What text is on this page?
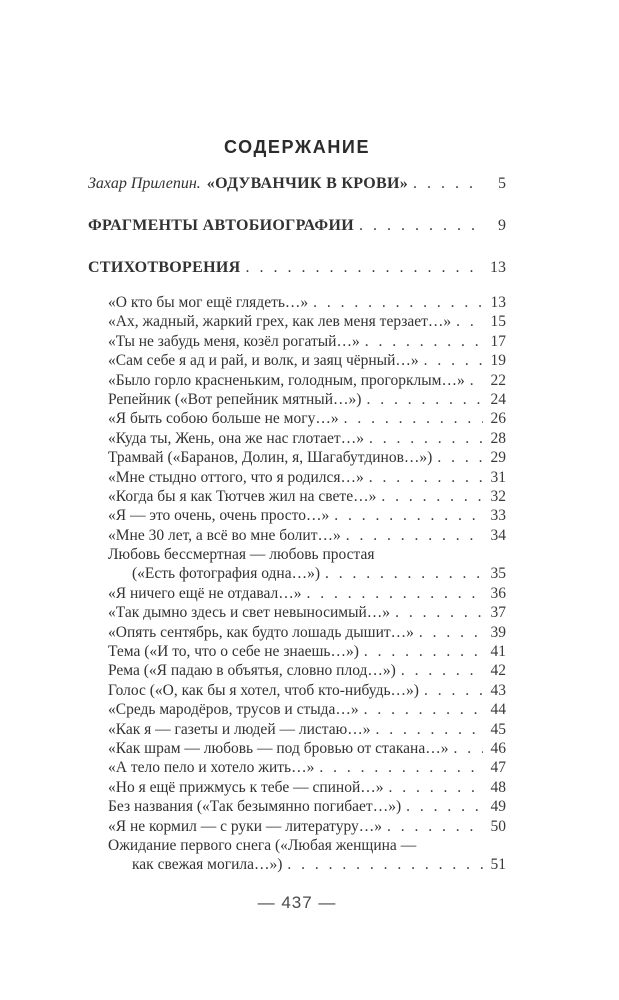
СОДЕРЖАНИЕ
Захар Прилепин. «ОДУВАНЧИК В КРОВИ» . . .	5
ФРАГМЕНТЫ АВТОБИОГРАФИИ . . .	9
СТИХОТВОРЕНИЯ . . .	13
«О кто бы мог ещё глядеть…» . . .	13
«Ах, жадный, жаркий грех, как лев меня терзает…» . . .	15
«Ты не забудь меня, козёл рогатый…» . . .	17
«Сам себе я ад и рай, и волк, и заяц чёрный…» . . .	19
«Было горло красненьким, голодным, прогорклым…» . . . 22
Репейник («Вот репейник мятный…») . . .	24
«Я быть собою больше не могу…» . . .	26
«Куда ты, Жень, она же нас глотает…» . . .	28
Трамвай («Баранов, Долин, я, Шагабутдинов…») . . .	29
«Мне стыдно оттого, что я родился…» . . .	31
«Когда бы я как Тютчев жил на свете…» . . .	32
«Я — это очень, очень просто…» . . .	33
«Мне 30 лет, а всё во мне болит…» . . .	34
Любовь бессмертная — любовь простая
(«Есть фотография одна…») . . .	35
«Я ничего ещё не отдавал…» . . .	36
«Так дымно здесь и свет невыносимый…» . . .	37
«Опять сентябрь, как будто лошадь дышит…» . . .	39
Тема («И то, что о себе не знаешь…») . . .	41
Рема («Я падаю в объятья, словно плод…») . . .	42
Голос («О, как бы я хотел, чтоб кто-нибудь…») . . .	43
«Средь мародёров, трусов и стыда…» . . .	44
«Как я — газеты и людей — листаю…» . . .	45
«Как шрам — любовь — под бровью от стакана…» . . .	46
«А тело пело и хотело жить…» . . .	47
«Но я ещё прижмусь к тебе — спиной…» . . .	48
Без названия («Так безымянно погибает…») . . .	49
«Я не кормил — с руки — литературу…» . . .	50
Ожидание первого снега («Любая женщина —
как свежая могила…») . . .	51
— 437 —
